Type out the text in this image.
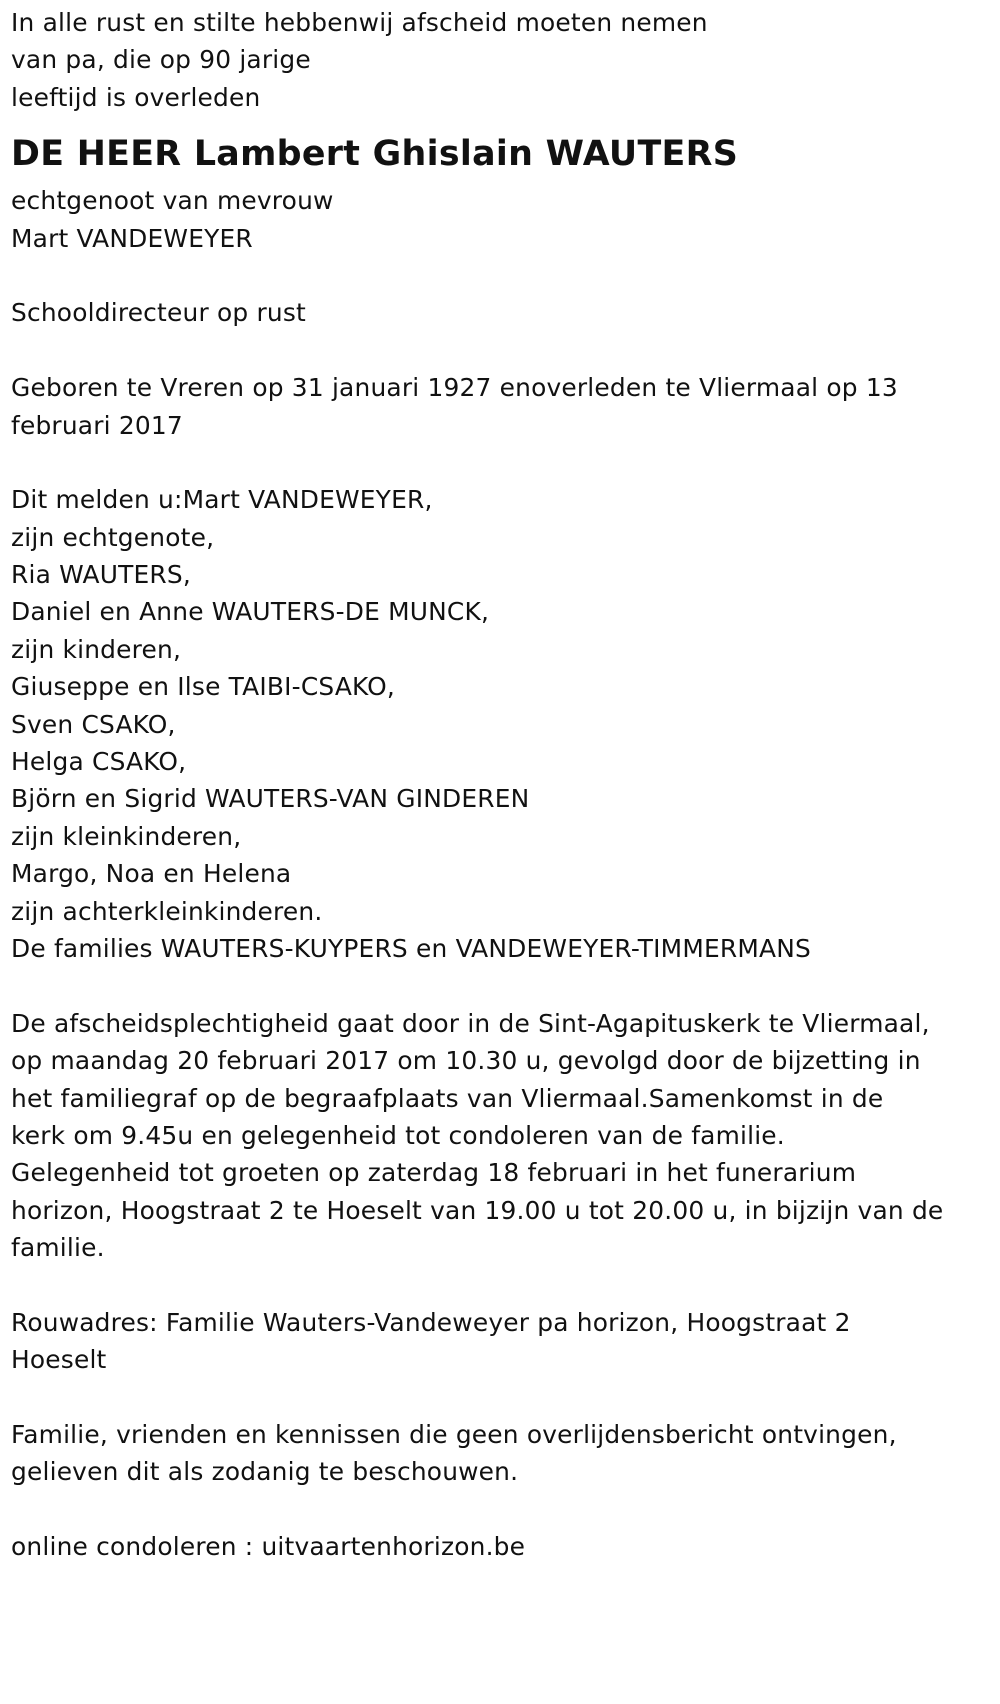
In alle rust en stilte hebbenwij afscheid moeten nemen
van pa, die op 90 jarige
leeftijd is overleden
DE HEER Lambert Ghislain WAUTERS
echtgenoot van mevrouw
Mart VANDEWEYER
Schooldirecteur op rust
Geboren te Vreren op 31 januari 1927 enoverleden te Vliermaal op 13
februari 2017
Dit melden u:Mart VANDEWEYER,
zijn echtgenote,
Ria WAUTERS,
Daniel en Anne WAUTERS-DE MUNCK,
zijn kinderen,
Giuseppe en Ilse TAIBI-CSAKO,
Sven CSAKO,
Helga CSAKO,
Björn en Sigrid WAUTERS-VAN GINDEREN
zijn kleinkinderen,
Margo, Noa en Helena
zijn achterkleinkinderen.
De families WAUTERS-KUYPERS en VANDEWEYER-TIMMERMANS
De afscheidsplechtigheid gaat door in de Sint-Agapituskerk te Vliermaal,
op maandag 20 februari 2017 om 10.30 u, gevolgd door de bijzetting in
het familiegraf op de begraafplaats van Vliermaal.Samenkomst in de
kerk om 9.45u en gelegenheid tot condoleren van de familie.
Gelegenheid tot groeten op zaterdag 18 februari in het funerarium
horizon, Hoogstraat 2 te Hoeselt van 19.00 u tot 20.00 u, in bijzijn van de
familie.
Rouwadres: Familie Wauters-Vandeweyer pa horizon, Hoogstraat 2
Hoeselt
Familie, vrienden en kennissen die geen overlijdensbericht ontvingen,
gelieven dit als zodanig te beschouwen.
online condoleren : uitvaartenhorizon.be
